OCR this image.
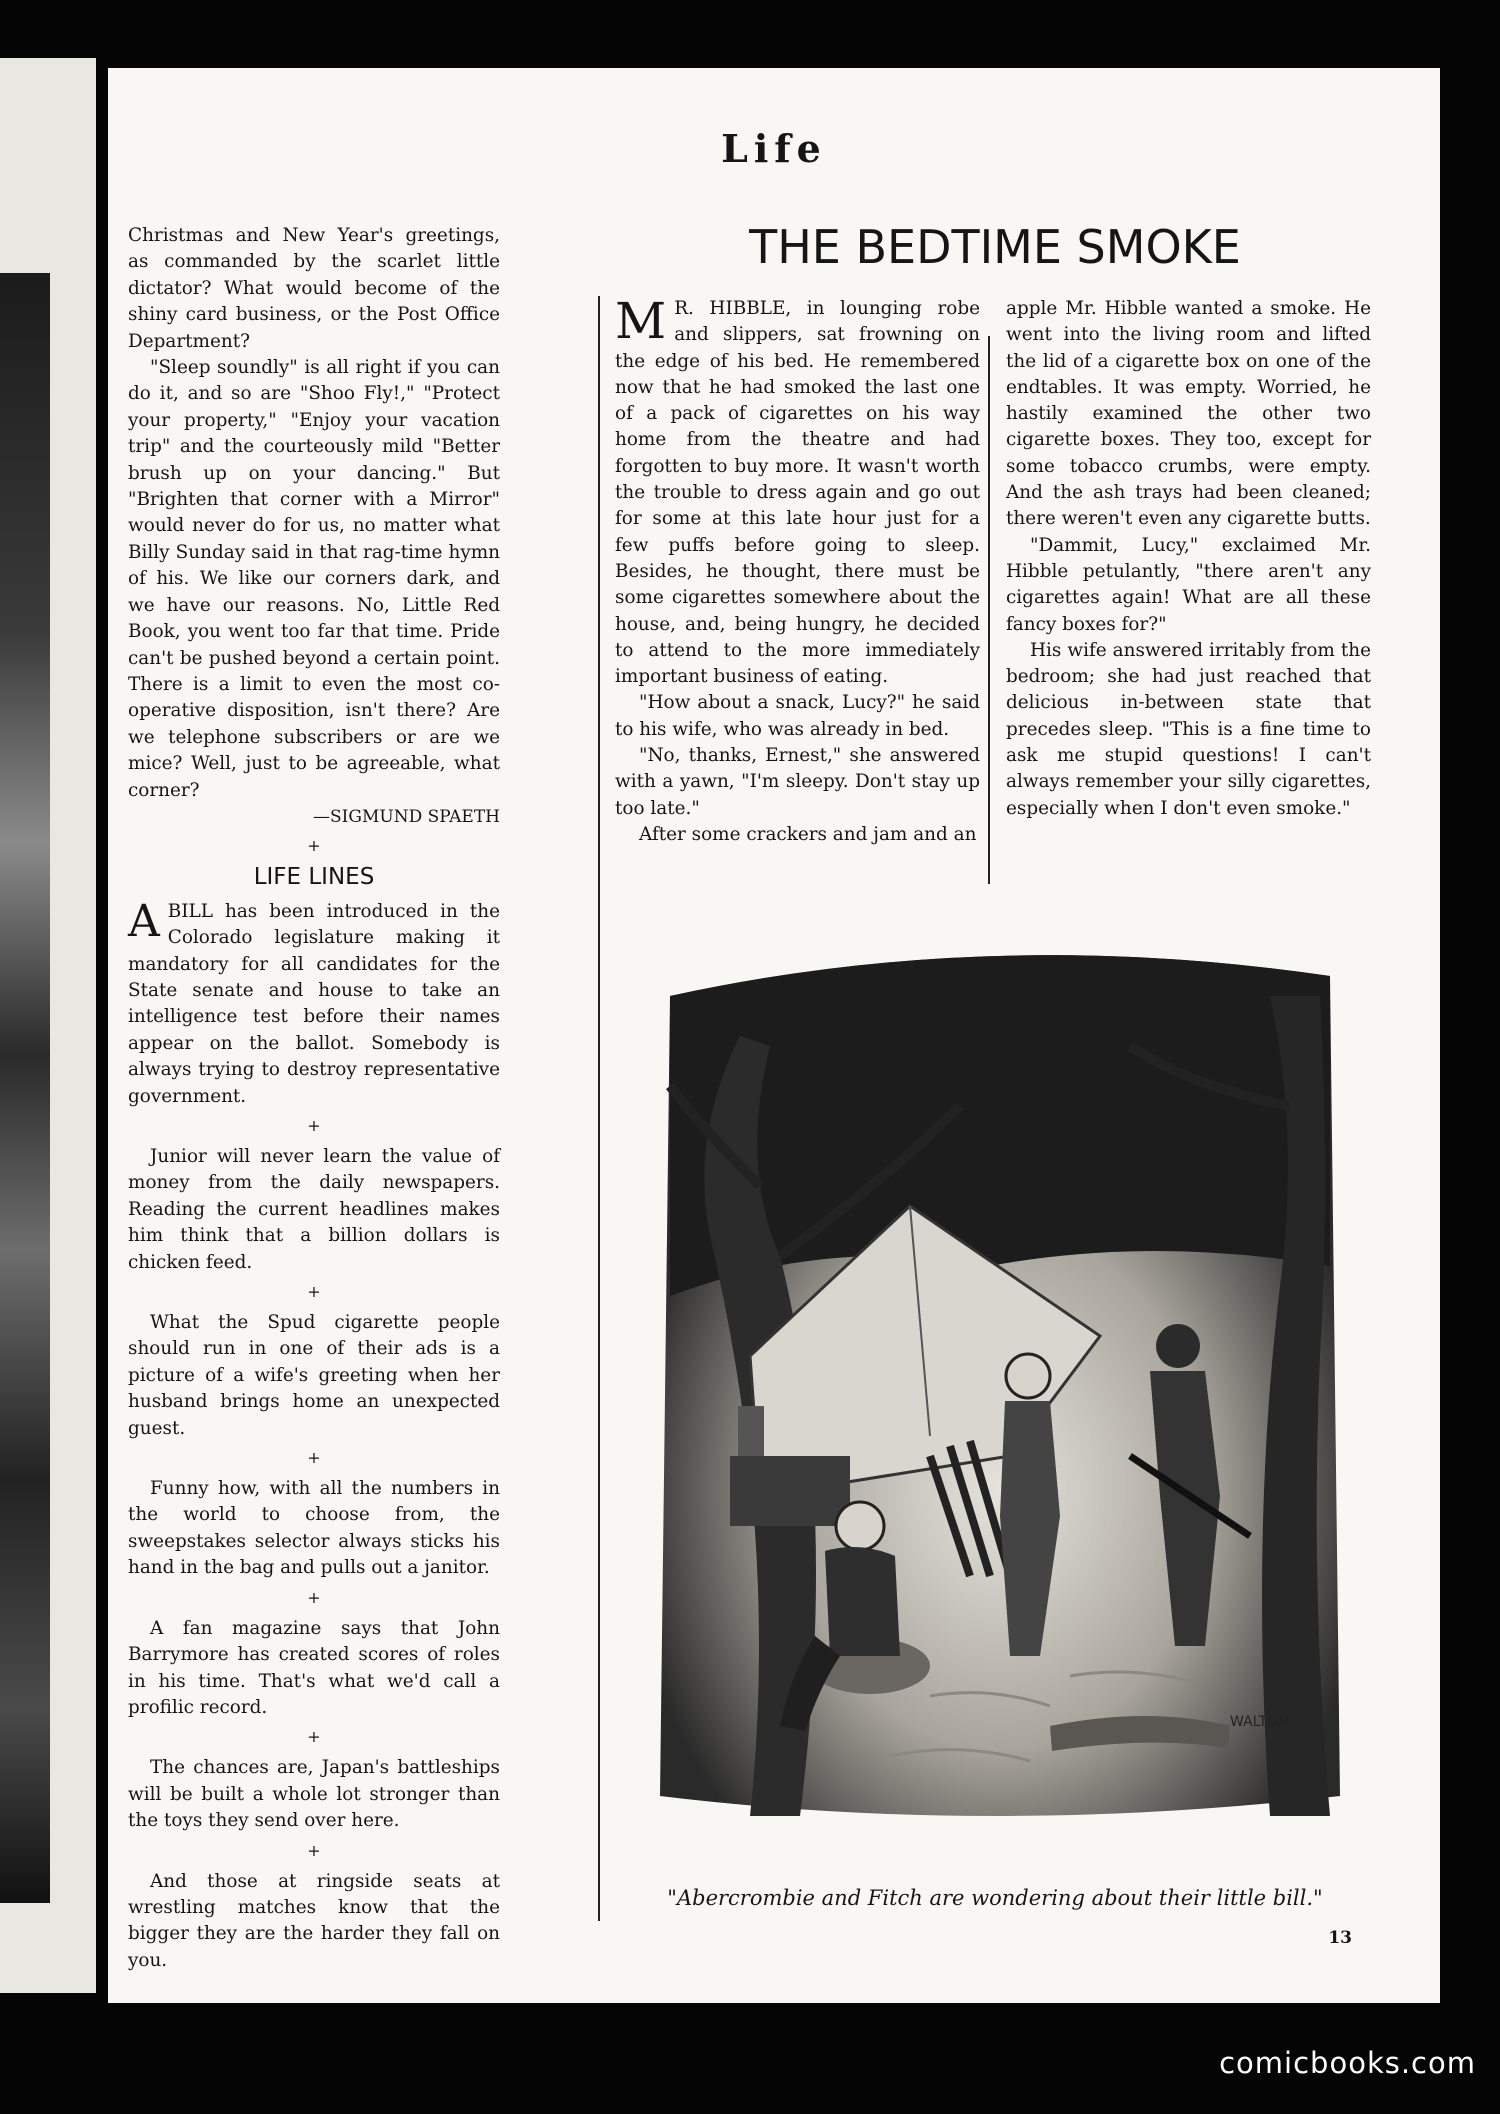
Life

Christmas and New Year's greetings, as commanded by the scarlet little dictator? What would become of the shiny card business, or the Post Office Department?

"Sleep soundly" is all right if you can do it, and so are "Shoo Fly!," "Protect your property," "Enjoy your vacation trip" and the courteously mild "Better brush up on your dancing." But "Brighten that corner with a Mirror" would never do for us, no matter what Billy Sunday said in that rag-time hymn of his. We like our corners dark, and we have our reasons. No, Little Red Book, you went too far that time. Pride can't be pushed beyond a certain point. There is a limit to even the most co-operative disposition, isn't there? Are we telephone subscribers or are we mice? Well, just to be agreeable, what corner?

—SIGMUND SPAETH

+
LIFE LINES

ABILL has been introduced in the Colorado legislature making it mandatory for all candidates for the State senate and house to take an intelligence test before their names appear on the ballot. Somebody is always trying to destroy representative government.

+

Junior will never learn the value of money from the daily newspapers. Reading the current headlines makes him think that a billion dollars is chicken feed.

+

What the Spud cigarette people should run in one of their ads is a picture of a wife's greeting when her husband brings home an unexpected guest.

+

Funny how, with all the numbers in the world to choose from, the sweepstakes selector always sticks his hand in the bag and pulls out a janitor.

+

A fan magazine says that John Barrymore has created scores of roles in his time. That's what we'd call a profilic record.

+

The chances are, Japan's battleships will be built a whole lot stronger than the toys they send over here.

+

And those at ringside seats at wrestling matches know that the bigger they are the harder they fall on you.

THE BEDTIME SMOKE

M R. HIBBLE, in lounging robe and slippers, sat frowning on the edge of his bed. He remembered now that he had smoked the last one of a pack of cigarettes on his way home from the theatre and had forgotten to buy more. It wasn't worth the trouble to dress again and go out for some at this late hour just for a few puffs before going to sleep. Besides, he thought, there must be some cigarettes somewhere about the house, and, being hungry, he decided to attend to the more immediately important business of eating.

"How about a snack, Lucy?" he said to his wife, who was already in bed.

"No, thanks, Ernest," she answered with a yawn, "I'm sleepy. Don't stay up too late."

After some crackers and jam and an

apple Mr. Hibble wanted a smoke. He went into the living room and lifted the lid of a cigarette box on one of the endtables. It was empty. Worried, he hastily examined the other two cigarette boxes. They too, except for some tobacco crumbs, were empty. And the ash trays had been cleaned; there weren't even any cigarette butts.

"Dammit, Lucy," exclaimed Mr. Hibble petulantly, "there aren't any cigarettes again! What are all these fancy boxes for?"

His wife answered irritably from the bedroom; she had just reached that delicious in-between state that precedes sleep. "This is a fine time to ask me stupid questions! I can't always remember your silly cigarettes, especially when I don't even smoke."

WALTON
"Abercrombie and Fitch are wondering about their little bill."
13
comicbooks.com
